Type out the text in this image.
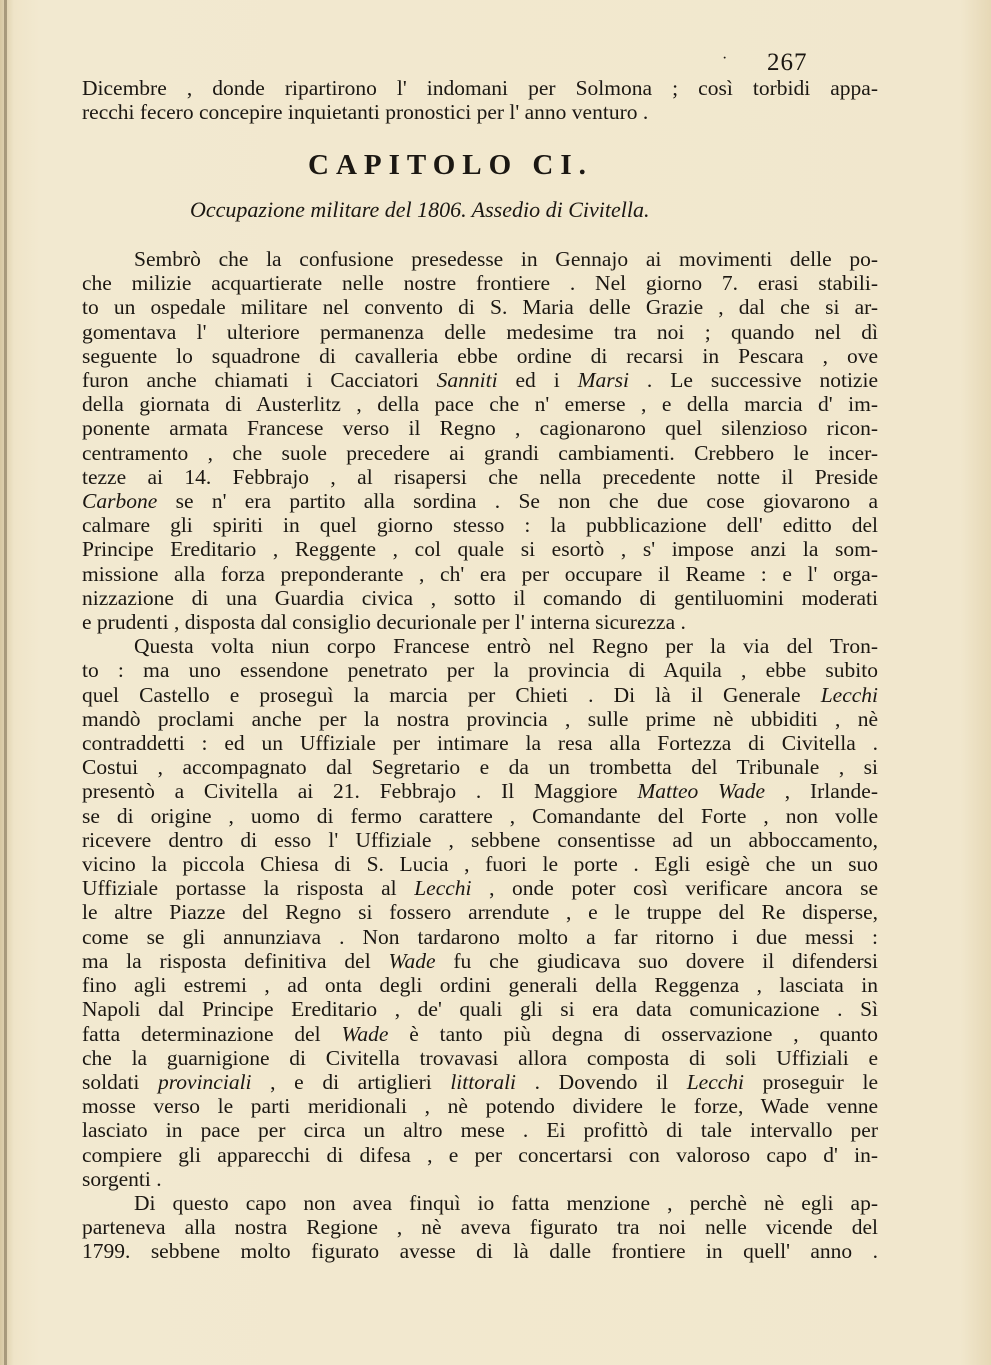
· 267
Dicembre , donde ripartirono l' indomani per Solmona ; così torbidi appa-
recchi fecero concepire inquietanti pronostici per l' anno venturo .
CAPITOLO CI.
Occupazione militare del 1806. Assedio di Civitella.
Sembrò che la confusione presedesse in Gennajo ai movimenti delle po-
che milizie acquartierate nelle nostre frontiere . Nel giorno 7. erasi stabili-
to un ospedale militare nel convento di S. Maria delle Grazie , dal che si ar-
gomentava l' ulteriore permanenza delle medesime tra noi ; quando nel dì
seguente lo squadrone di cavalleria ebbe ordine di recarsi in Pescara , ove
furon anche chiamati i Cacciatori Sanniti ed i Marsi . Le successive notizie
della giornata di Austerlitz , della pace che n' emerse , e della marcia d' im-
ponente armata Francese verso il Regno , cagionarono quel silenzioso ricon-
centramento , che suole precedere ai grandi cambiamenti. Crebbero le incer-
tezze ai 14. Febbrajo , al risapersi che nella precedente notte il Preside
Carbone se n' era partito alla sordina . Se non che due cose giovarono a
calmare gli spiriti in quel giorno stesso : la pubblicazione dell' editto del
Principe Ereditario , Reggente , col quale si esortò , s' impose anzi la som-
missione alla forza preponderante , ch' era per occupare il Reame : e l' orga-
nizzazione di una Guardia civica , sotto il comando di gentiluomini moderati
e prudenti , disposta dal consiglio decurionale per l' interna sicurezza .
Questa volta niun corpo Francese entrò nel Regno per la via del Tron-
to : ma uno essendone penetrato per la provincia di Aquila , ebbe subito
quel Castello e proseguì la marcia per Chieti . Di là il Generale Lecchi
mandò proclami anche per la nostra provincia , sulle prime nè ubbiditi , nè
contraddetti : ed un Uffiziale per intimare la resa alla Fortezza di Civitella .
Costui , accompagnato dal Segretario e da un trombetta del Tribunale , si
presentò a Civitella ai 21. Febbrajo . Il Maggiore Matteo Wade , Irlande-
se di origine , uomo di fermo carattere , Comandante del Forte , non volle
ricevere dentro di esso l' Uffiziale , sebbene consentisse ad un abboccamento,
vicino la piccola Chiesa di S. Lucia , fuori le porte . Egli esigè che un suo
Uffiziale portasse la risposta al Lecchi , onde poter così verificare ancora se
le altre Piazze del Regno si fossero arrendute , e le truppe del Re disperse,
come se gli annunziava . Non tardarono molto a far ritorno i due messi :
ma la risposta definitiva del Wade fu che giudicava suo dovere il difendersi
fino agli estremi , ad onta degli ordini generali della Reggenza , lasciata in
Napoli dal Principe Ereditario , de' quali gli si era data comunicazione . Sì
fatta determinazione del Wade è tanto più degna di osservazione , quanto
che la guarnigione di Civitella trovavasi allora composta di soli Uffiziali e
soldati provinciali , e di artiglieri littorali . Dovendo il Lecchi proseguir le
mosse verso le parti meridionali , nè potendo dividere le forze, Wade venne
lasciato in pace per circa un altro mese . Ei profittò di tale intervallo per
compiere gli apparecchi di difesa , e per concertarsi con valoroso capo d' in-
sorgenti .
Di questo capo non avea finquì io fatta menzione , perchè nè egli ap-
parteneva alla nostra Regione , nè aveva figurato tra noi nelle vicende del
1799. sebbene molto figurato avesse di là dalle frontiere in quell' anno .
